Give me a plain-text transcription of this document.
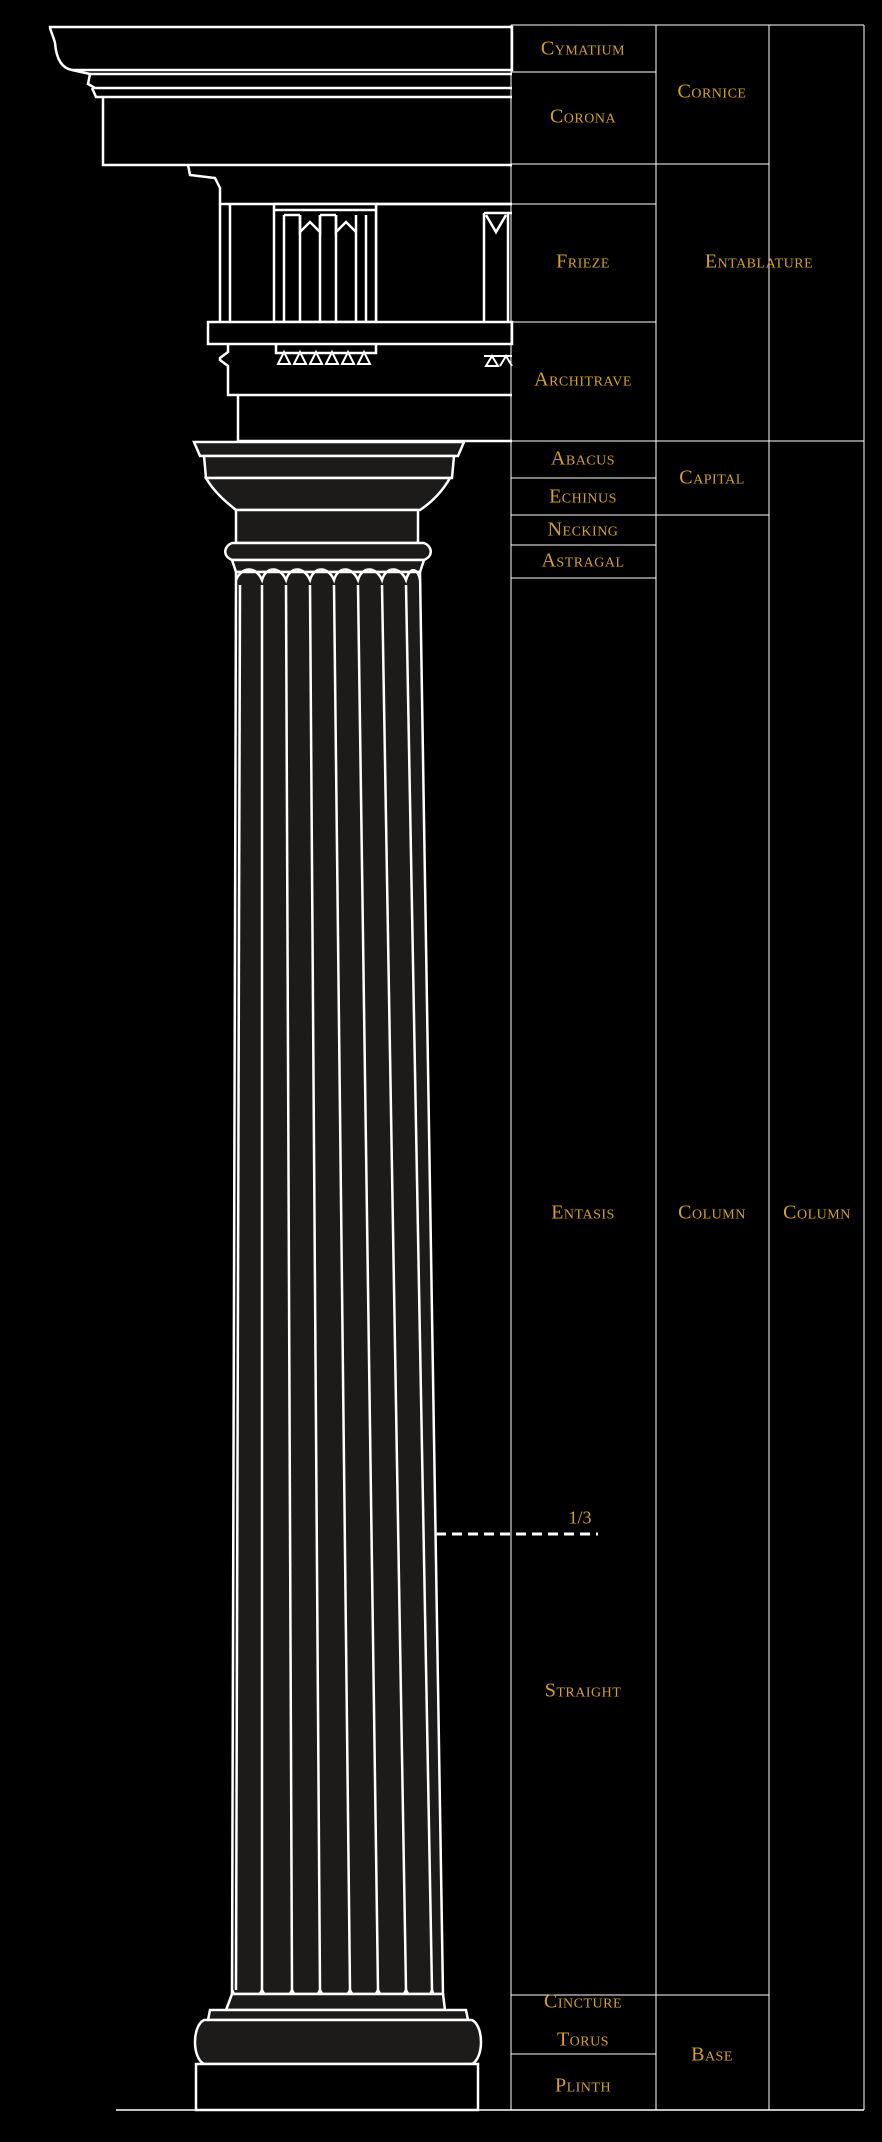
Cymatium
Corona
Cornice
Frieze	Entablature
Architrave
Abacus
Echinus
Capital
Necking
Astragal
Entasis	Column Column
1/3
Straight
Cincture
Torus
Base
Plinth
